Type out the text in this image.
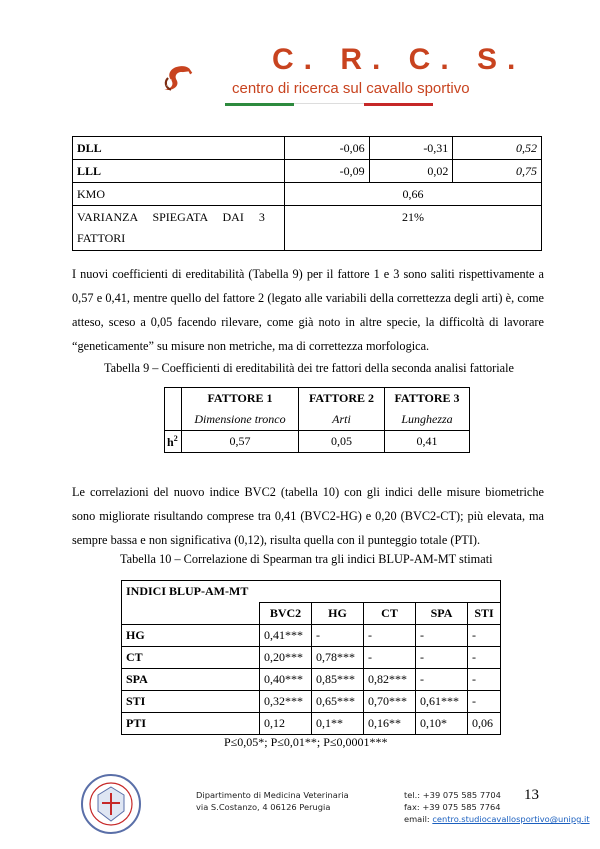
CRCS
C. R. C. S.
centro di ricerca sul cavallo sportivo
DLL	-0,06	-0,31	0,52
LLL	-0,09	0,02	0,75
KMO	0,66		
VARIANZA     SPIEGATA     DAI     3
FATTORI	21%		

I nuovi coefficienti di ereditabilità (Tabella 9) per il fattore 1 e 3 sono saliti rispettivamente a 0,57 e 0,41, mentre quello del fattore 2 (legato alle variabili della correttezza degli arti) è, come atteso, sceso a 0,05 facendo rilevare, come già noto in altre specie, la difficoltà di lavorare “geneticamente” su misure non metriche, ma di correttezza morfologica.

Tabella 9 – Coefficienti di ereditabilità dei tre fattori della seconda analisi fattoriale
	FATTORE 1	FATTORE 2	FATTORE 3
	Dimensione tronco	Arti	Lunghezza
$h^2$	0,57	0,05	0,41

Le correlazioni del nuovo indice BVC2 (tabella 10) con gli indici delle misure biometriche sono migliorate risultando comprese tra 0,41 (BVC2-HG) e 0,20 (BVC2-CT); più elevata, ma sempre bassa e non significativa (0,12), risulta quella con il punteggio totale (PTI).

Tabella 10 – Correlazione di Spearman tra gli indici BLUP-AM-MT stimati
INDICI BLUP-AM-MT					
	BVC2	HG	CT	SPA	STI
HG	0,41***	-	-	-	-
CT	0,20***	0,78***	-	-	-
SPA	0,40***	0,85***	0,82***	-	-
STI	0,32***	0,65***	0,70***	0,61***	-
PTI	0,12	0,1**	0,16**	0,10*	0,06
P≤0,05*; P≤0,01**; P≤0,0001***
Dipartimento di Medicina Veterinaria
via S.Costanzo, 4 06126 Perugia
tel.: +39 075 585 7704
fax: +39 075 585 7764
email: centro.studiocavallosportivo@unipg.it
13
